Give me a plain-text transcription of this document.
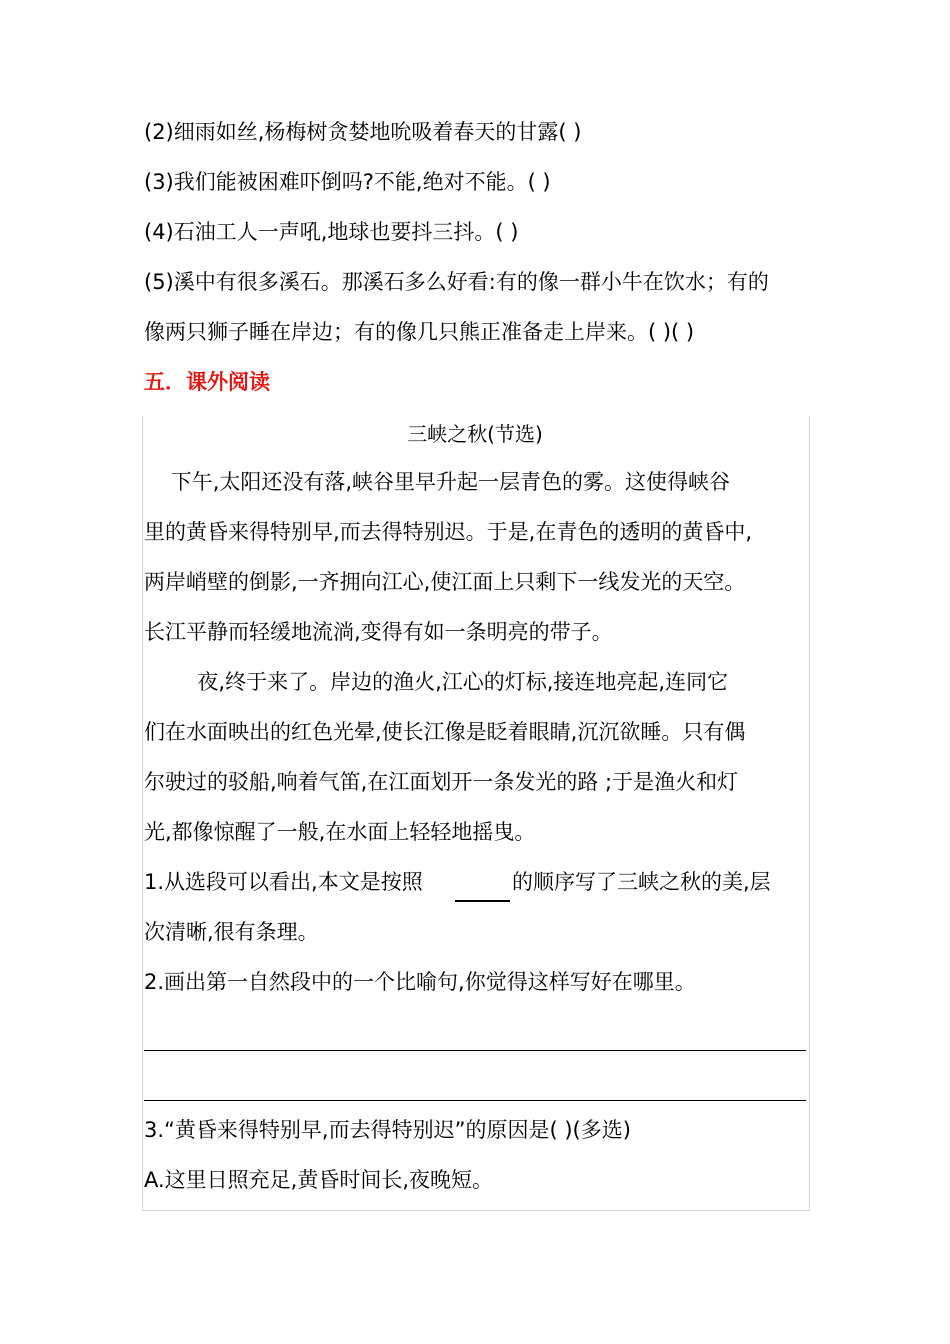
(2)细雨如丝,杨梅树贪婪地吮吸着春天的甘露( )

(3)我们能被困难吓倒吗?不能,绝对不能。( )

(4)石油工人一声吼,地球也要抖三抖。( )

(5)溪中有很多溪石。那溪石多么好看:有的像一群小牛在饮水；有的

像两只狮子睡在岸边；有的像几只熊正准备走上岸来。( )( )

五．课外阅读

三峡之秋(节选)

下午,太阳还没有落,峡谷里早升起一层青色的雾。这使得峡谷

里的黄昏来得特别早,而去得特别迟。于是,在青色的透明的黄昏中,

两岸峭壁的倒影,一齐拥向江心,使江面上只剩下一线发光的天空。

长江平静而轻缓地流淌,变得有如一条明亮的带子。

夜,终于来了。岸边的渔火,江心的灯标,接连地亮起,连同它

们在水面映出的红色光晕,使长江像是眨着眼睛,沉沉欲睡。只有偶

尔驶过的驳船,响着气笛,在江面划开一条发光的路 ;于是渔火和灯

光,都像惊醒了一般,在水面上轻轻地摇曳。

1.从选段可以看出,本文是按照	的顺序写了三峡之秋的美,层

次清晰,很有条理。

2.画出第一自然段中的一个比喻句,你觉得这样写好在哪里。

3.“黄昏来得特别早,而去得特别迟”的原因是( )(多选)

A.这里日照充足,黄昏时间长,夜晚短。
